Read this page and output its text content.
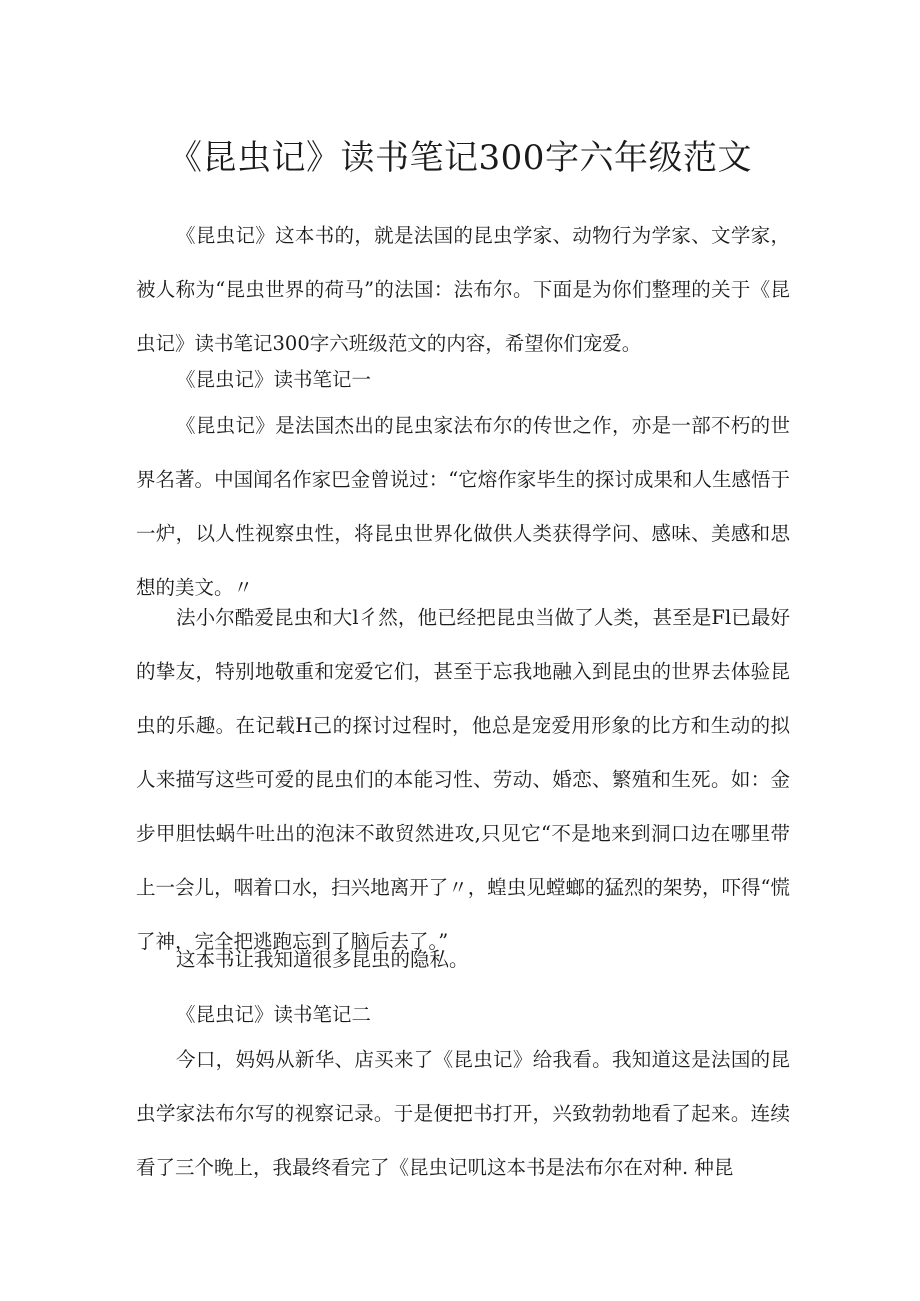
《昆虫记》读书笔记300字六年级范文

《昆虫记》这本书的，就是法国的昆虫学家、动物行为学家、文学家，被人称为“昆虫世界的荷马”的法国：法布尔。下面是为你们整理的关于《昆虫记》读书笔记300字六班级范文的内容，希望你们宠爱。

《昆虫记》读书笔记一

《昆虫记》是法国杰出的昆虫家法布尔的传世之作，亦是一部不朽的世界名著。中国闻名作家巴金曾说过：“它熔作家毕生的探讨成果和人生感悟于一炉，以人性视察虫性，将昆虫世界化做供人类获得学问、感味、美感和思想的美文。〃

法小尔酷爱昆虫和大l彳然，他已经把昆虫当做了人类，甚至是Fl已最好的挚友，特别地敬重和宠爱它们，甚至于忘我地融入到昆虫的世界去体验昆虫的乐趣。在记载H己的探讨过程时，他总是宠爱用形象的比方和生动的拟人来描写这些可爱的昆虫们的本能习性、劳动、婚恋、繁殖和生死。如：金步甲胆怯蜗牛吐出的泡沫不敢贸然进攻,只见它“不是地来到洞口边在哪里带上一会儿，咽着口水，扫兴地离开了〃，蝗虫见螳螂的猛烈的架势，吓得“慌了神，完全把逃跑忘到了脑后去了。”

这本书让我知道很多昆虫的隐私。

《昆虫记》读书笔记二

今口，妈妈从新华、店买来了《昆虫记》给我看。我知道这是法国的昆虫学家法布尔写的视察记录。于是便把书打开，兴致勃勃地看了起来。连续看了三个晚上，我最终看完了《昆虫记叽这本书是法布尔在对种. 种昆
